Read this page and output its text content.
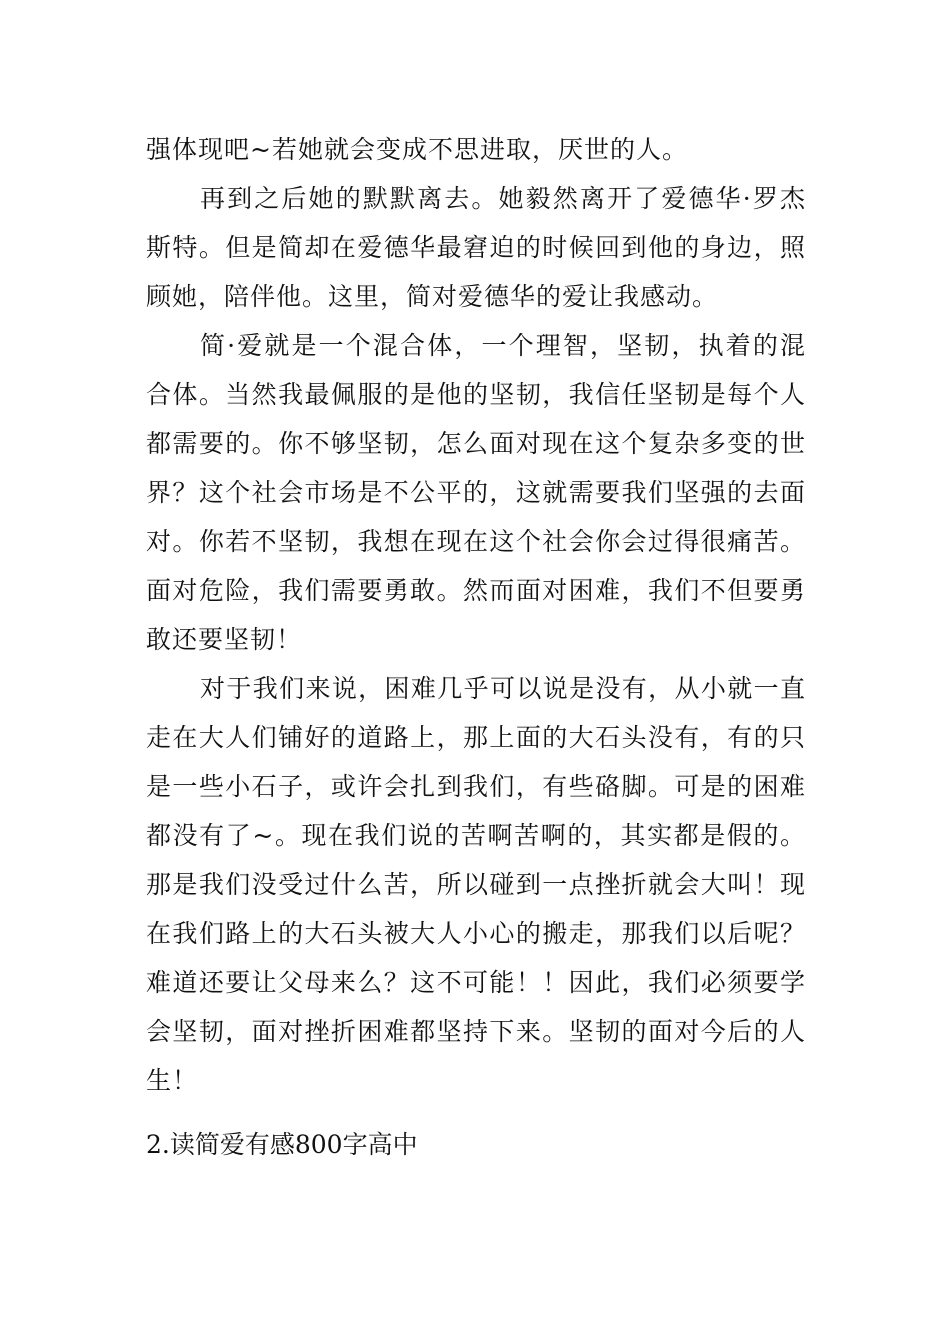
强体现吧~若她就会变成不思进取，厌世的人。

再到之后她的默默离去。她毅然离开了爱德华·罗杰斯特。但是简却在爱德华最窘迫的时候回到他的身边，照顾她，陪伴他。这里，简对爱德华的爱让我感动。

简·爱就是一个混合体，一个理智，坚韧，执着的混合体。当然我最佩服的是他的坚韧，我信任坚韧是每个人都需要的。你不够坚韧，怎么面对现在这个复杂多变的世界？这个社会市场是不公平的，这就需要我们坚强的去面对。你若不坚韧，我想在现在这个社会你会过得很痛苦。面对危险，我们需要勇敢。然而面对困难，我们不但要勇敢还要坚韧！

对于我们来说，困难几乎可以说是没有，从小就一直走在大人们铺好的道路上，那上面的大石头没有，有的只是一些小石子，或许会扎到我们，有些硌脚。可是的困难都没有了~。现在我们说的苦啊苦啊的，其实都是假的。那是我们没受过什么苦，所以碰到一点挫折就会大叫！现在我们路上的大石头被大人小心的搬走，那我们以后呢？难道还要让父母来么？这不可能！！因此，我们必须要学会坚韧，面对挫折困难都坚持下来。坚韧的面对今后的人生！

2.读简爱有感800字高中
